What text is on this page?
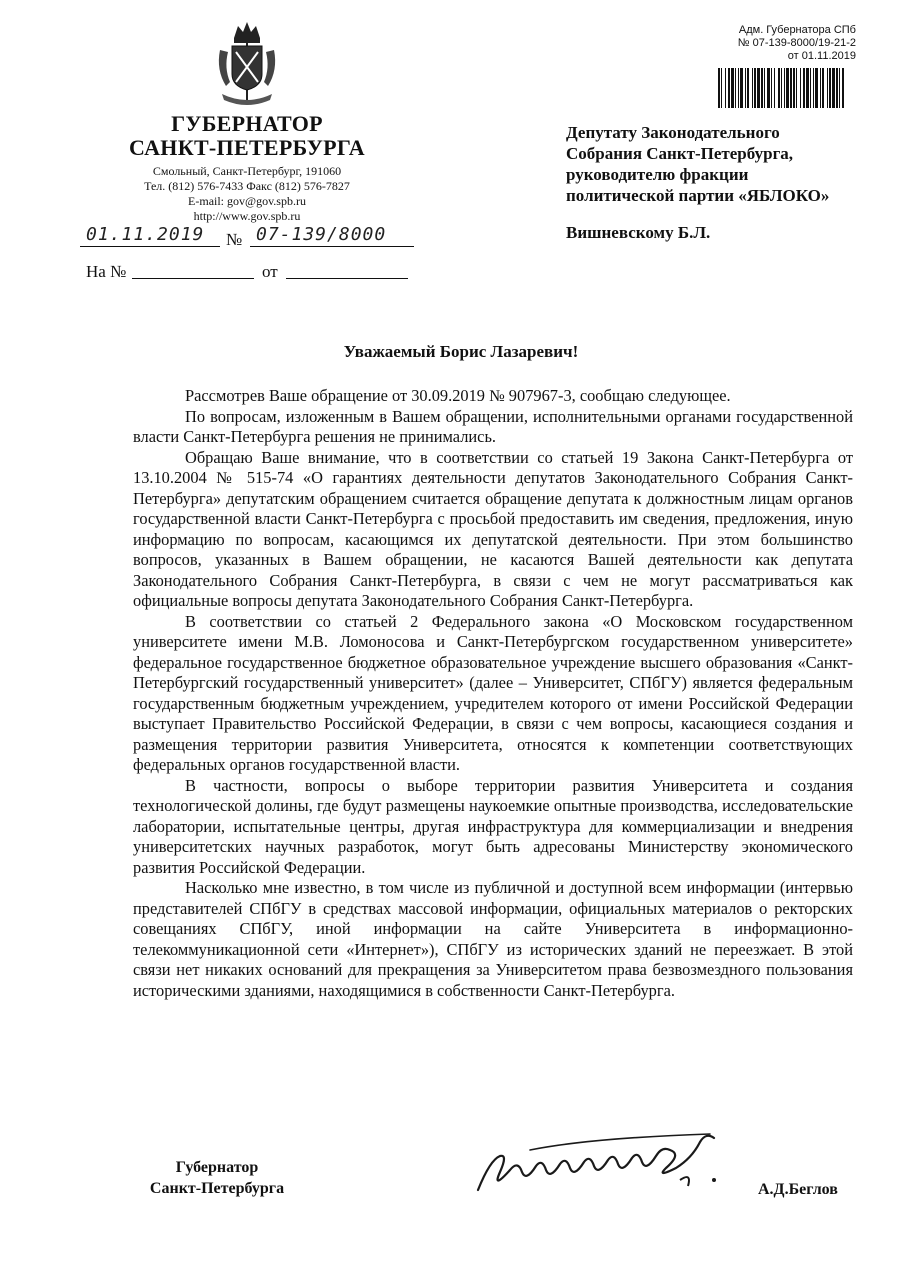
ГУБЕРНАТОР
САНКТ-ПЕТЕРБУРГА
Смольный, Санкт-Петербург, 191060
Тел. (812) 576-7433 Факс (812) 576-7827
E-mail: gov@gov.spb.ru
http://www.gov.spb.ru
01.11.2019 № 07-139/8000
На №	от
Адм. Губернатора СПб
№ 07-139-8000/19-21-2
от 01.11.2019
Депутату Законодательного
Собрания Санкт-Петербурга,
руководителю фракции
политической партии «ЯБЛОКО»
Вишневскому Б.Л.
Уважаемый Борис Лазаревич!

Рассмотрев Ваше обращение от 30.09.2019 № 907967-3, сообщаю следующее.

По вопросам, изложенным в Вашем обращении, исполнительными органами государственной власти Санкт-Петербурга решения не принимались.

Обращаю Ваше внимание, что в соответствии со статьей 19 Закона Санкт-Петербурга от 13.10.2004 № 515-74 «О гарантиях деятельности депутатов Законодательного Собрания Санкт-Петербурга» депутатским обращением считается обращение депутата к должностным лицам органов государственной власти Санкт-Петербурга с просьбой предоставить им сведения, предложения, иную информацию по вопросам, касающимся их депутатской деятельности. При этом большинство вопросов, указанных в Вашем обращении, не касаются Вашей деятельности как депутата Законодательного Собрания Санкт-Петербурга, в связи с чем не могут рассматриваться как официальные вопросы депутата Законодательного Собрания Санкт-Петербурга.

В соответствии со статьей 2 Федерального закона «О Московском государственном университете имени М.В. Ломоносова и Санкт-Петербургском государственном университете» федеральное государственное бюджетное образовательное учреждение высшего образования «Санкт-Петербургский государственный университет» (далее – Университет, СПбГУ) является федеральным государственным бюджетным учреждением, учредителем которого от имени Российской Федерации выступает Правительство Российской Федерации, в связи с чем вопросы, касающиеся создания и размещения территории развития Университета, относятся к компетенции соответствующих федеральных органов государственной власти.

В частности, вопросы о выборе территории развития Университета и создания технологической долины, где будут размещены наукоемкие опытные производства, исследовательские лаборатории, испытательные центры, другая инфраструктура для коммерциализации и внедрения университетских научных разработок, могут быть адресованы Министерству экономического развития Российской Федерации.

Насколько мне известно, в том числе из публичной и доступной всем информации (интервью представителей СПбГУ в средствах массовой информации, официальных материалов о ректорских совещаниях СПбГУ, иной информации на сайте Университета в информационно-телекоммуникационной сети «Интернет»), СПбГУ из исторических зданий не переезжает. В этой связи нет никаких оснований для прекращения за Университетом права безвозмездного пользования историческими зданиями, находящимися в собственности Санкт-Петербурга.

Губернатор
Санкт-Петербурга	А.Д.Беглов
